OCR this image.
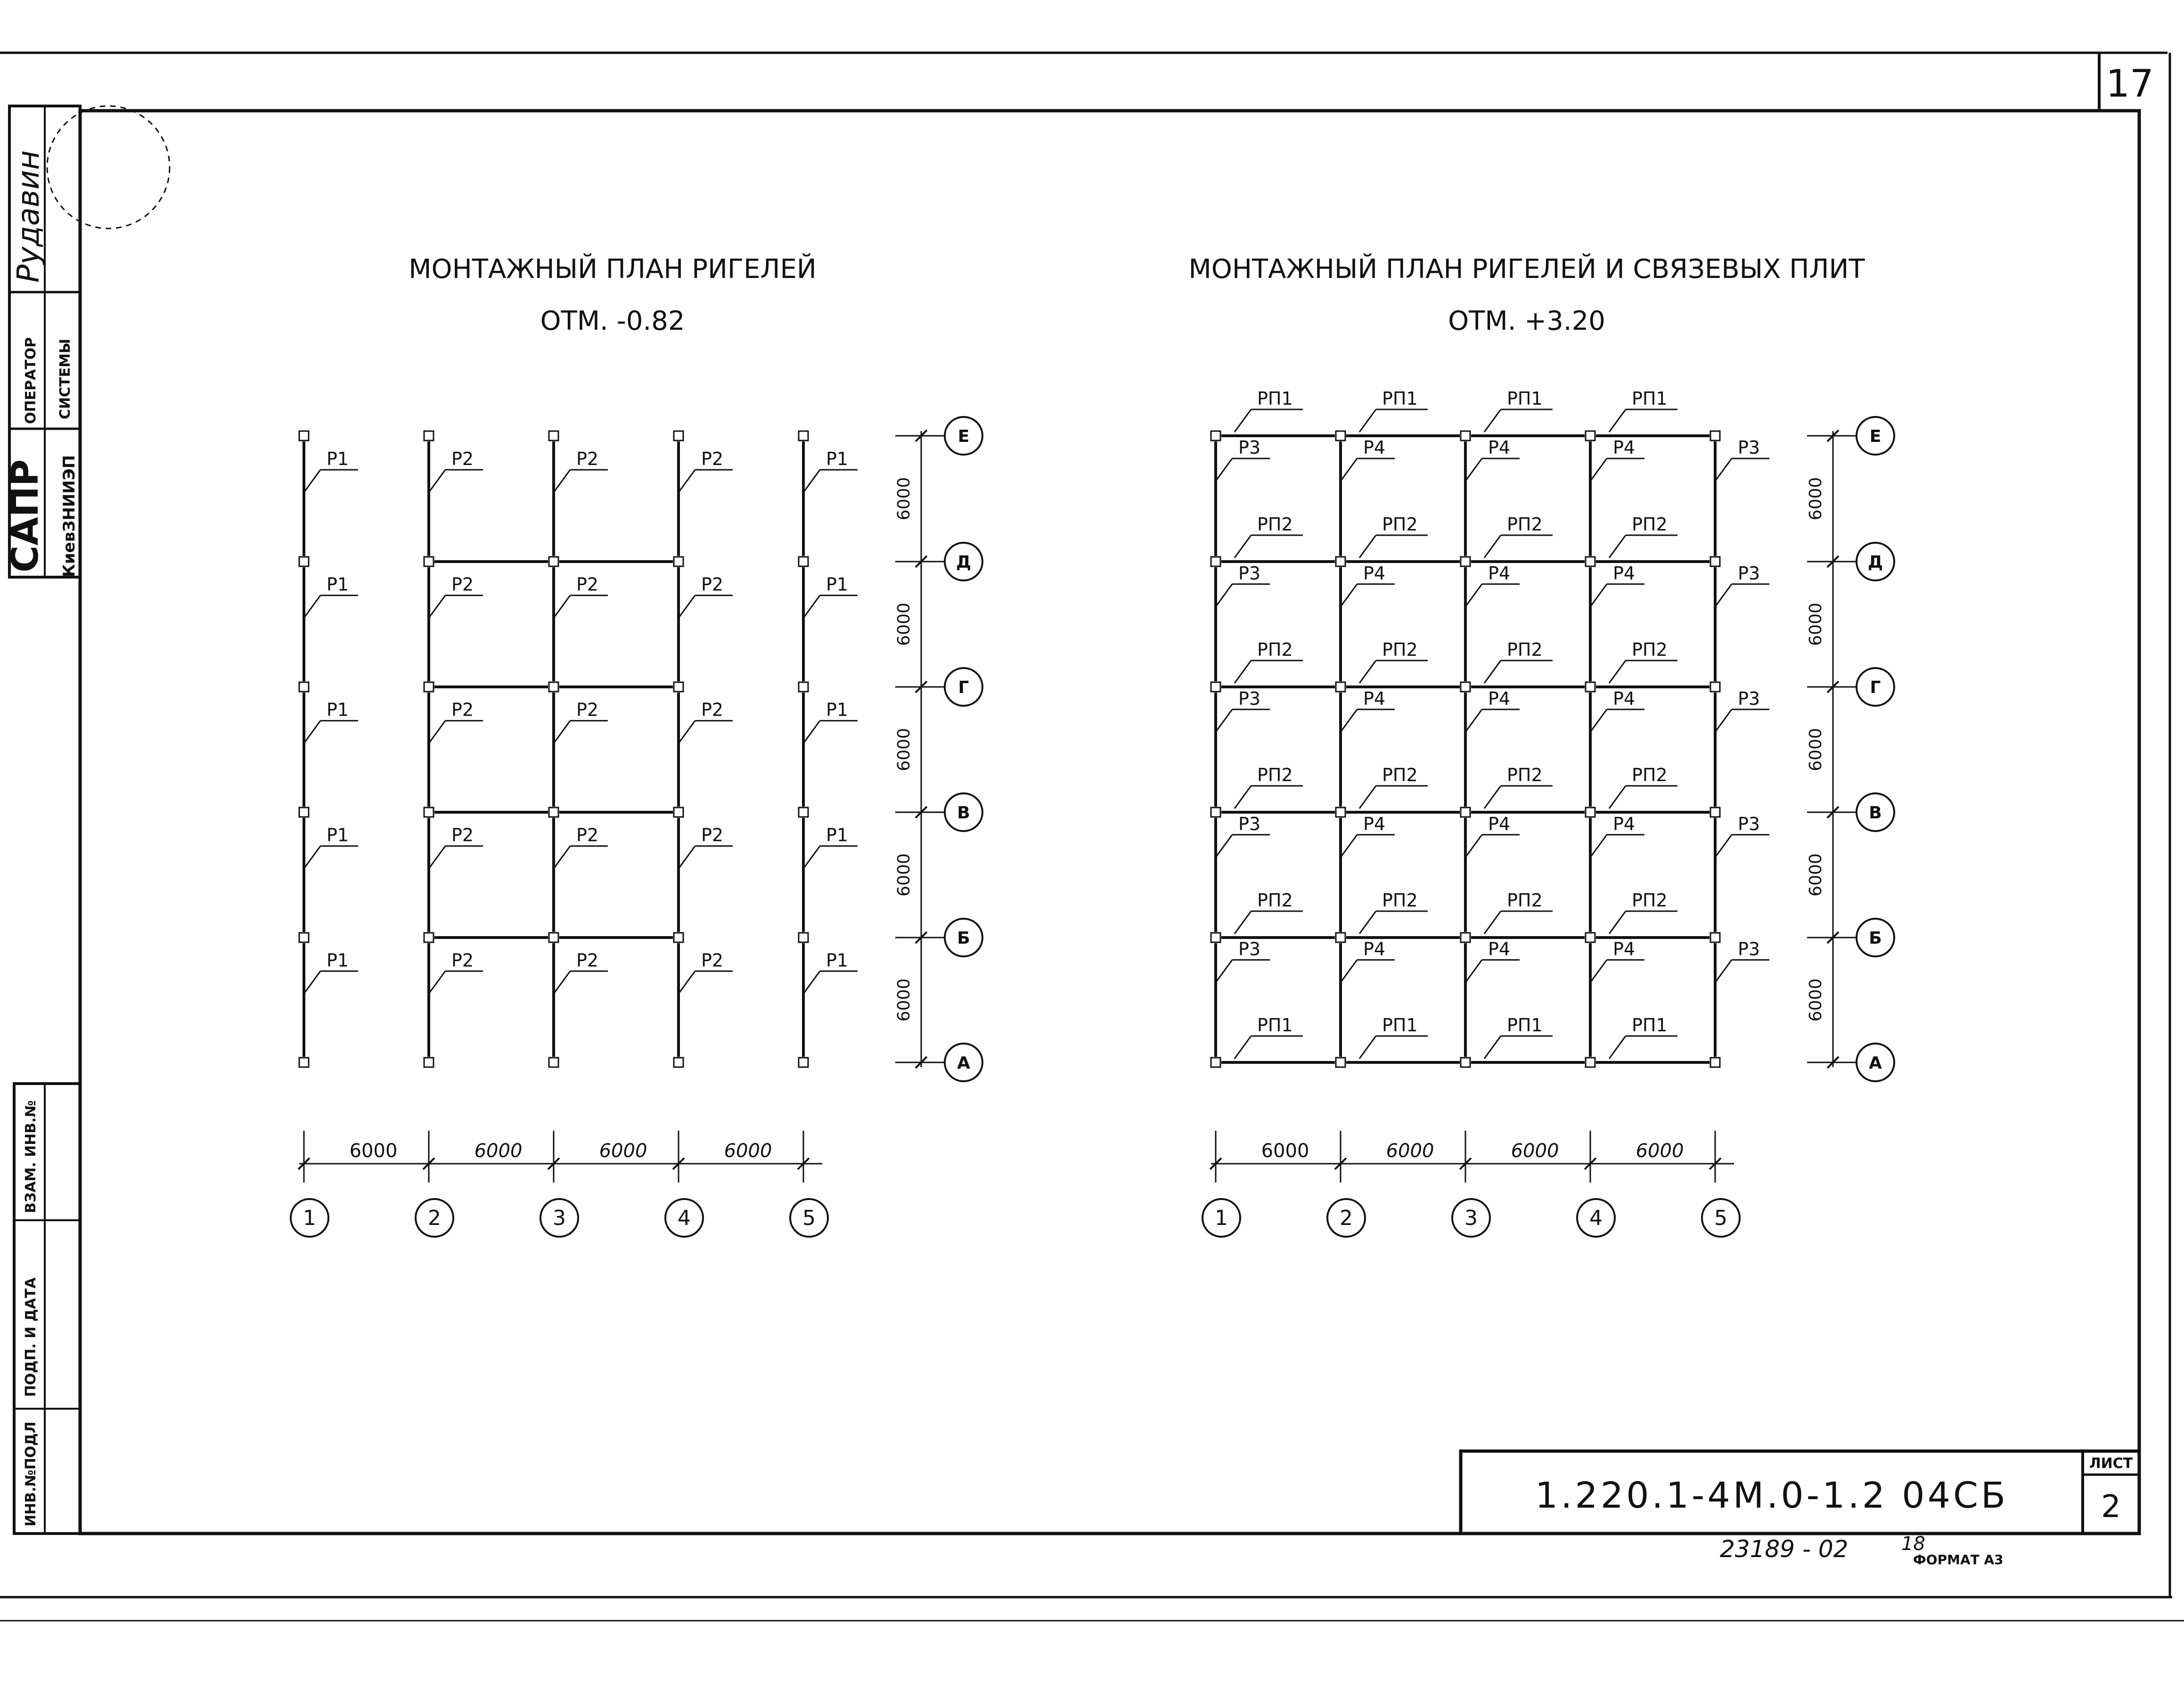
17
САПР КиевЗНИИЭП
ОПЕРАТОР СИСТЕМЫ
Рудавин
ВЗАМ. ИНВ.№
ПОДП. И ДАТА
ИНВ.№ПОДЛ
МОНТАЖНЫЙ ПЛАН РИГЕЛЕЙ
ОТМ. -0.82
МОНТАЖНЫЙ ПЛАН РИГЕЛЕЙ И СВЯЗЕВЫХ ПЛИТ
ОТМ. +3.20
Р1	Р2	Р2	Р2	Р1
Р1	Р2	Р2	Р2	Р1
Р1	Р2	Р2	Р2	Р1
Р1	Р2	Р2	Р2	Р1
Р1	Р2	Р2	Р2	Р1
Е
Д
Г
В
Б
А
6000
6000
6000
6000
6000
1	2	3	4	5
6000	6000	6000	6000
Р3	Р4	Р4	Р4	Р3
Р3	Р4	Р4	Р4	Р3
Р3	Р4	Р4	Р4	Р3
Р3	Р4	Р4	Р4	Р3
Р3	Р4	Р4	Р4	Р3
РП2	РП2	РП2	РП2
РП2	РП2	РП2	РП2
РП2	РП2	РП2	РП2
РП2	РП2	РП2	РП2
РП1	РП1	РП1	РП1
РП1	РП1	РП1	РП1
Е
Д
Г
В
Б
А
6000
6000
6000
6000
6000
1	2	3	4	5
6000	6000	6000	6000
1.220.1-4М.0-1.2 04СБ
ЛИСТ
2
23189 - 02	18
ФОРМАТ А3
